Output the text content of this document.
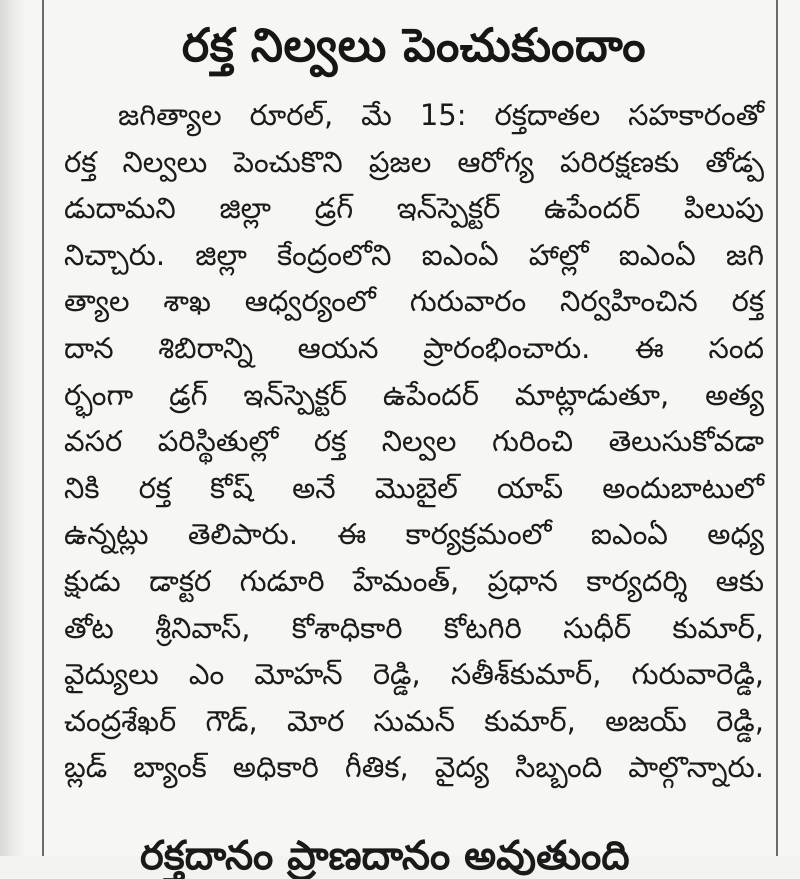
రక్త నిల్వలు పెంచుకుందాం

జగిత్యాల రూరల్, మే 15: రక్తదాతల సహకారంతో
రక్త నిల్వలు పెంచుకొని ప్రజల ఆరోగ్య పరిరక్షణకు తోడ్ప
డుదామని జిల్లా డ్రగ్ ఇన్‌స్పెక్టర్ ఉపేందర్ పిలుపు
నిచ్చారు. జిల్లా కేంద్రంలోని ఐఎంఏ హాల్లో ఐఎంఏ జగి
త్యాల శాఖ ఆధ్వర్యంలో గురువారం నిర్వహించిన రక్త
దాన శిబిరాన్ని ఆయన ప్రారంభించారు. ఈ సంద
ర్భంగా డ్రగ్ ఇన్‌స్పెక్టర్ ఉపేందర్ మాట్లాడుతూ, అత్య
వసర పరిస్థితుల్లో రక్త నిల్వల గురించి తెలుసుకోవడా
నికి రక్త కోష్ అనే మొబైల్ యాప్ అందుబాటులో
ఉన్నట్లు తెలిపారు. ఈ కార్యక్రమంలో ఐఎంఏ అధ్య
క్షుడు డాక్టర గుడూరి హేమంత్, ప్రధాన కార్యదర్శి ఆకు
తోట శ్రీనివాస్, కోశాధికారి కోటగిరి సుధీర్ కుమార్,
వైద్యులు ఎం మోహన్ రెడ్డి, సతీశ్‌కుమార్, గురువారెడ్డి,
చంద్రశేఖర్ గౌడ్, మోర సుమన్ కుమార్, అజయ్ రెడ్డి,
బ్లడ్ బ్యాంక్ అధికారి గీతిక, వైద్య సిబ్బంది పాల్గొన్నారు.

రక్తదానం ప్రాణదానం అవుతుంది
